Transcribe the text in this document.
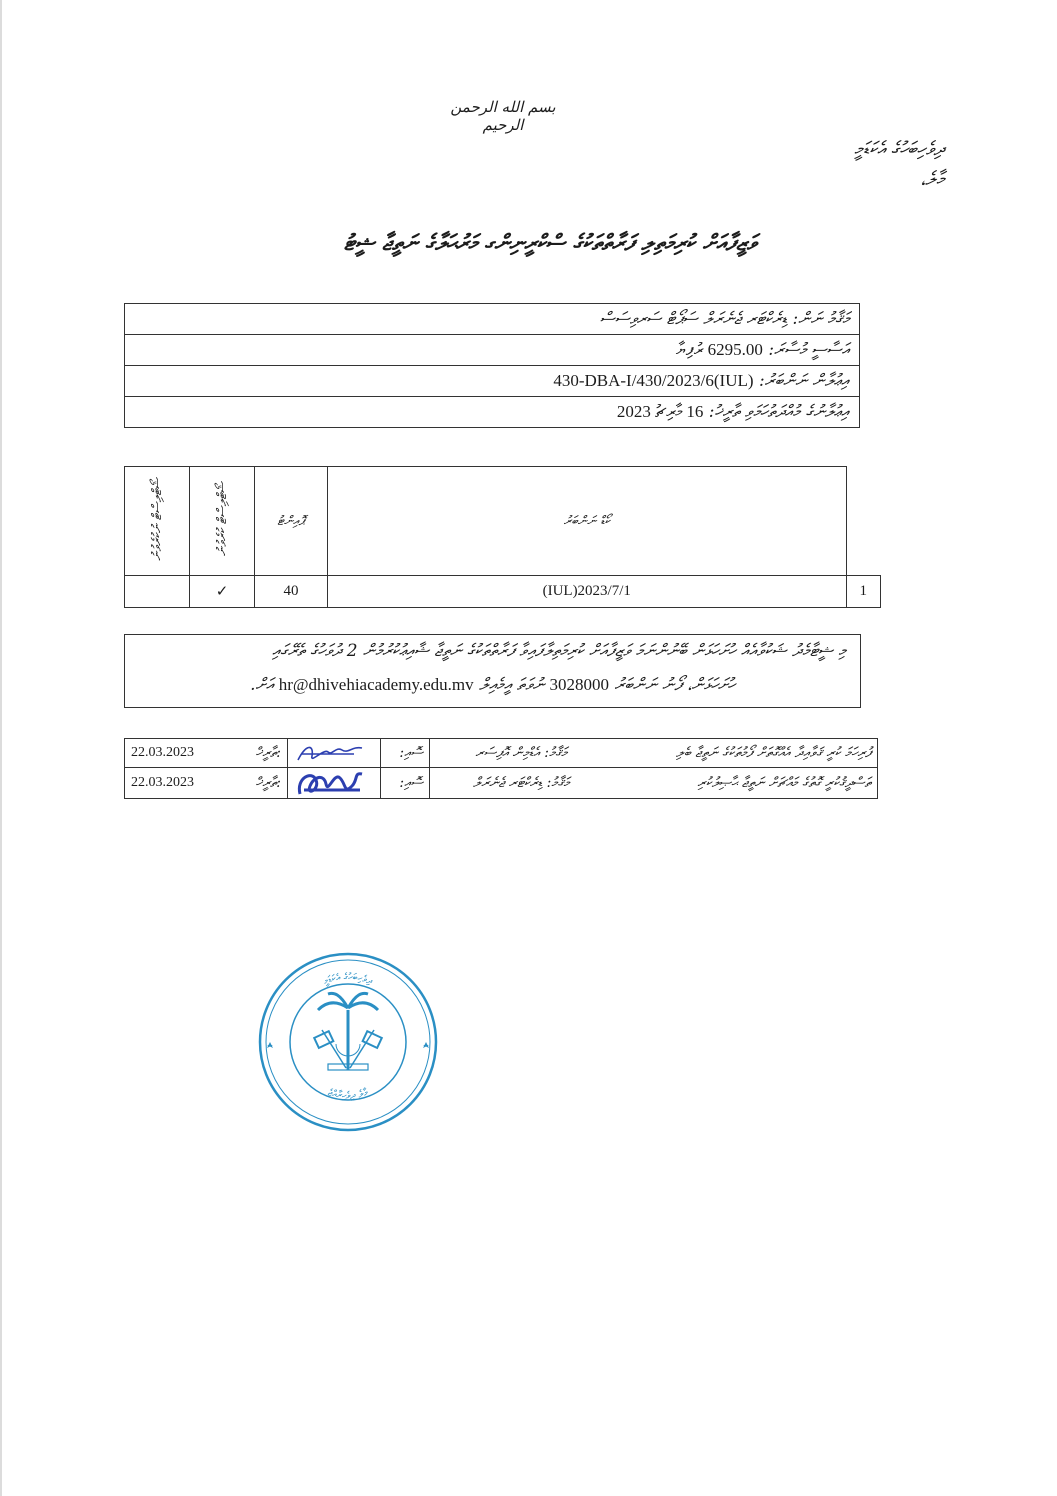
بسم الله الرحمن الرحيم
ދިވެހިބަހުގެ އެކަޑަމީ
މާލެ،
ވަޒީފާއަށް ކުރިމަތިލި ފަރާތްތަކުގެ ސްކްރީނިންގ މަރުޙަލާގެ ނަތީޖާ ޝީޓު
މަޤާމު ނަން: ޑިރެކްޓަރ ޖެނެރަލް ސަޕޯޓް ސަރވިސަސް
އަސާސީ މުސާރަ: 6295.00 ރުފިޔާ
އިޢުލާން ނަންބަރު: (IUL)430-DBA-I/430/2023/6
އިޢުލާނުގެ މުއްދަތުހަމަވި ތާރީޚު: 16 މާރިޗު 2023
ޝޯޓްލިސްޓް ނުކުރެވުނު	ޝޯޓްލިސްޓް ކުރެވުނު	ޕޮއިންޓު	ކޯޑް ނަންބަރު	
	✓	40	(IUL)2023/7/1	1
މި ޝީޓާމެދު ޝަކުވާއެއް ހުށަހަޅަން ބޭނުންނަމަ ވަޒީފާއަށް ކުރިމަތިލާފައިވާ ފަރާތްތަކުގެ ނަތީޖާ ޝާއިޢުކުރުމުން 2 ދުވަހުގެ ތެރޭގައި
ހުށަހަޅަން، ފޯނު ނަންބަރު 3028000 ނުވަތަ އީމެއިލް hr@dhivehiacademy.edu.mv އަށް.
22.03.2023 ތާރީޚް:		ސޮއި:	މަޤާމު: އެޑްމިން އޮފިސަރ	ފުރިހަމަ ކުރީ ޤަވާއިދާ އެއްގޮތަށް ފޯމުތަކުގެ ނަތީޖާ ބެލި
22.03.2023 ތާރީޚް:		ސޮއި:	މަޤާމު: ޑިރެކްޓަރ ޖެނެރަލް	ތަސްދީޤުކުރީ ގޮތުގެ މައްޗަށް ނަތީޖާ ޙާޞިލުކުރި
ދިވެހިބަހުގެ އެކަޑަމީ
މާލެ ދިވެހިރާއްޖެ
